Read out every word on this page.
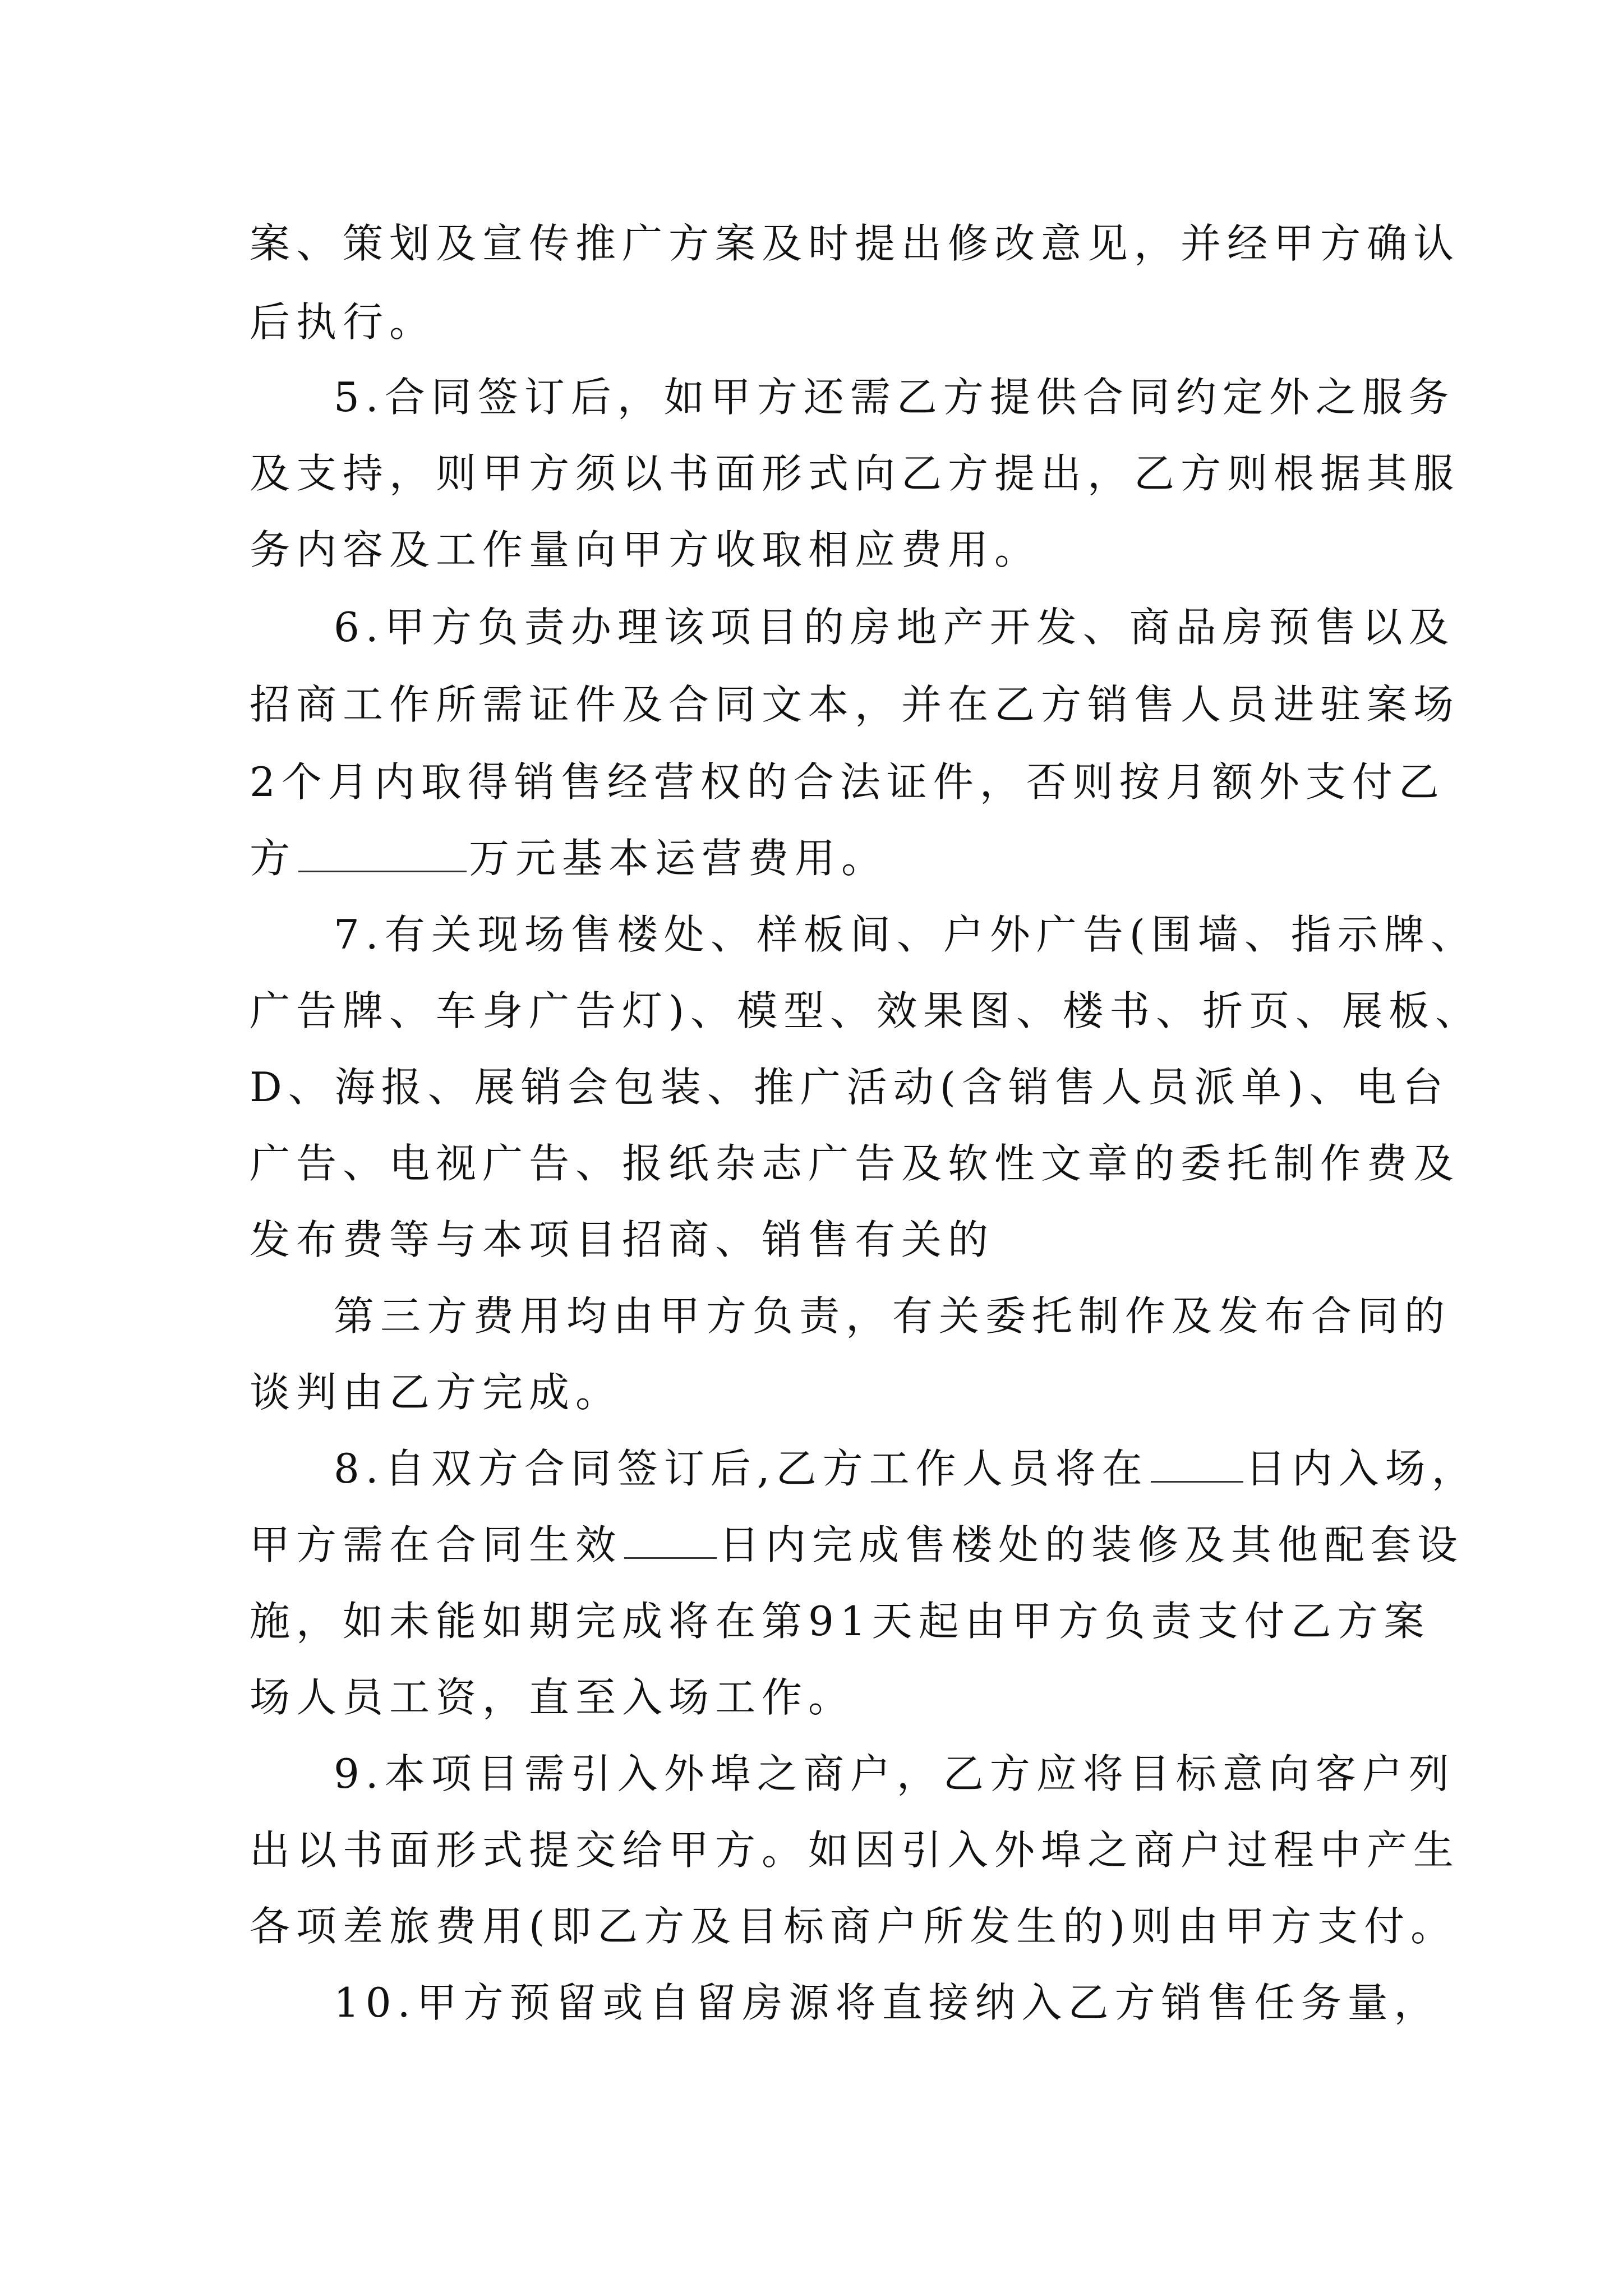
案、策划及宣传推广方案及时提出修改意见，并经甲方确认
后执行。
5.合同签订后，如甲方还需乙方提供合同约定外之服务
及支持，则甲方须以书面形式向乙方提出，乙方则根据其服
务内容及工作量向甲方收取相应费用。
6.甲方负责办理该项目的房地产开发、商品房预售以及
招商工作所需证件及合同文本，并在乙方销售人员进驻案场
2个月内取得销售经营权的合法证件，否则按月额外支付乙
方	万元基本运营费用。
7.有关现场售楼处、样板间、户外广告(围墙、指示牌、
广告牌、车身广告灯)、模型、效果图、楼书、折页、展板、
D、海报、展销会包装、推广活动(含销售人员派单)、电台
广告、电视广告、报纸杂志广告及软性文章的委托制作费及
发布费等与本项目招商、销售有关的
第三方费用均由甲方负责，有关委托制作及发布合同的
谈判由乙方完成。
8.自双方合同签订后,乙方工作人员将在 日内入场，
甲方需在合同生效 日内完成售楼处的装修及其他配套设
施，如未能如期完成将在第91天起由甲方负责支付乙方案
场人员工资，直至入场工作。
9.本项目需引入外埠之商户，乙方应将目标意向客户列
出以书面形式提交给甲方。如因引入外埠之商户过程中产生
各项差旅费用(即乙方及目标商户所发生的)则由甲方支付。
10.甲方预留或自留房源将直接纳入乙方销售任务量，
